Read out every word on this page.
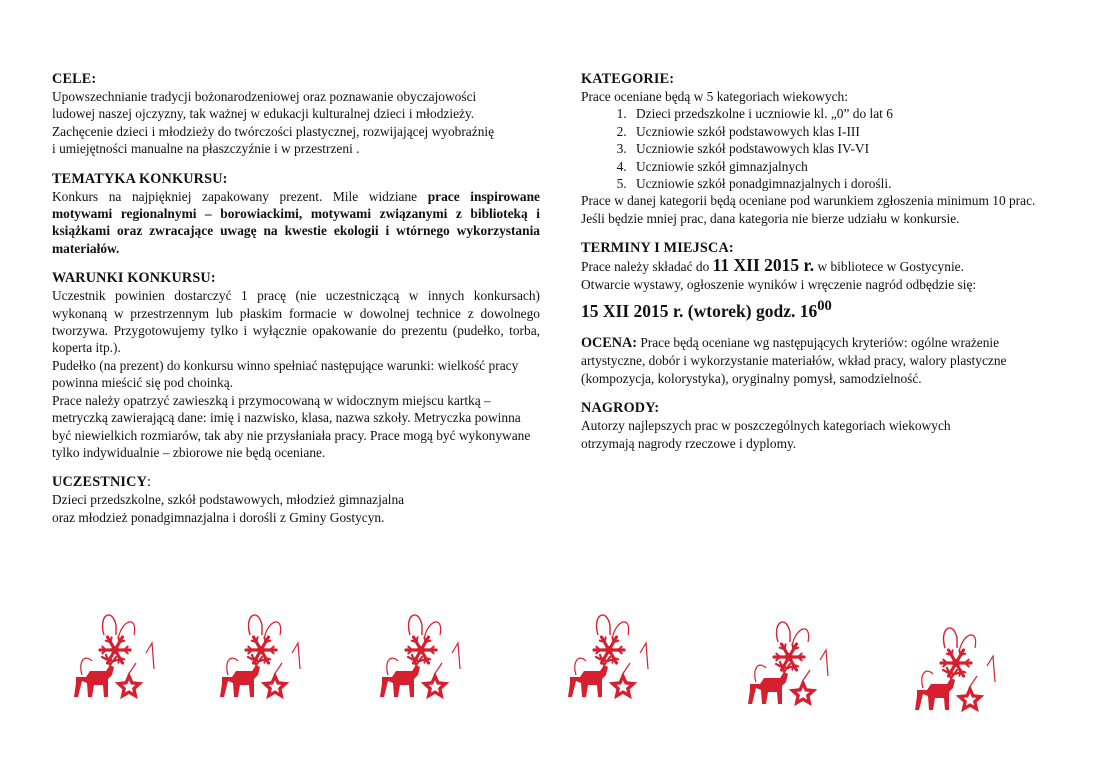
CELE:

Upowszechnianie tradycji bożonarodzeniowej oraz poznawanie obyczajowości

ludowej naszej ojczyzny, tak ważnej w edukacji kulturalnej dzieci i młodzieży.

Zachęcenie dzieci i młodzieży do twórczości plastycznej, rozwijającej wyobraźnię

i umiejętności manualne na płaszczyźnie i w przestrzeni .

TEMATYKA KONKURSU:

Konkurs na najpiękniej zapakowany prezent. Mile widziane prace inspirowane motywami regionalnymi – borowiackimi, motywami związanymi z biblioteką i książkami oraz zwracające uwagę na kwestie ekologii i wtórnego wykorzystania materiałów.

WARUNKI KONKURSU:

Uczestnik powinien dostarczyć 1 pracę (nie uczestniczącą w innych konkursach) wykonaną w przestrzennym lub płaskim formacie w dowolnej technice z dowolnego tworzywa. Przygotowujemy tylko i wyłącznie opakowanie do prezentu (pudełko, torba, koperta itp.).

Pudełko (na prezent) do konkursu winno spełniać następujące warunki: wielkość pracy powinna mieścić się pod choinką.

Prace należy opatrzyć zawieszką i przymocowaną w widocznym miejscu kartką – metryczką zawierającą dane: imię i nazwisko, klasa, nazwa szkoły. Metryczka powinna być niewielkich rozmiarów, tak aby nie przysłaniała pracy. Prace mogą być wykonywane tylko indywidualnie – zbiorowe nie będą oceniane.

UCZESTNICY:

Dzieci przedszkolne, szkół podstawowych, młodzież gimnazjalna

oraz młodzież ponadgimnazjalna i dorośli z Gminy Gostycyn.

KATEGORIE:

Prace oceniane będą w 5 kategoriach wiekowych:

1. Dzieci przedszkolne i uczniowie kl. „0” do lat 6
2. Uczniowie szkół podstawowych klas I-III
3. Uczniowie szkół podstawowych klas IV-VI
4. Uczniowie szkół gimnazjalnych
5. Uczniowie szkół ponadgimnazjalnych i dorośli.

Prace w danej kategorii będą oceniane pod warunkiem zgłoszenia minimum 10 prac. Jeśli będzie mniej prac, dana kategoria nie bierze udziału w konkursie.

TERMINY I MIEJSCA:

Prace należy składać do 11 XII 2015 r. w bibliotece w Gostycynie.

Otwarcie wystawy, ogłoszenie wyników i wręczenie nagród odbędzie się:

15 XII 2015 r. (wtorek) godz. $16^{00}$

OCENA: Prace będą oceniane wg następujących kryteriów: ogólne wrażenie artystyczne, dobór i wykorzystanie materiałów, wkład pracy, walory plastyczne (kompozycja, kolorystyka), oryginalny pomysł, samodzielność.

NAGRODY:

Autorzy najlepszych prac w poszczególnych kategoriach wiekowych

otrzymają nagrody rzeczowe i dyplomy.
